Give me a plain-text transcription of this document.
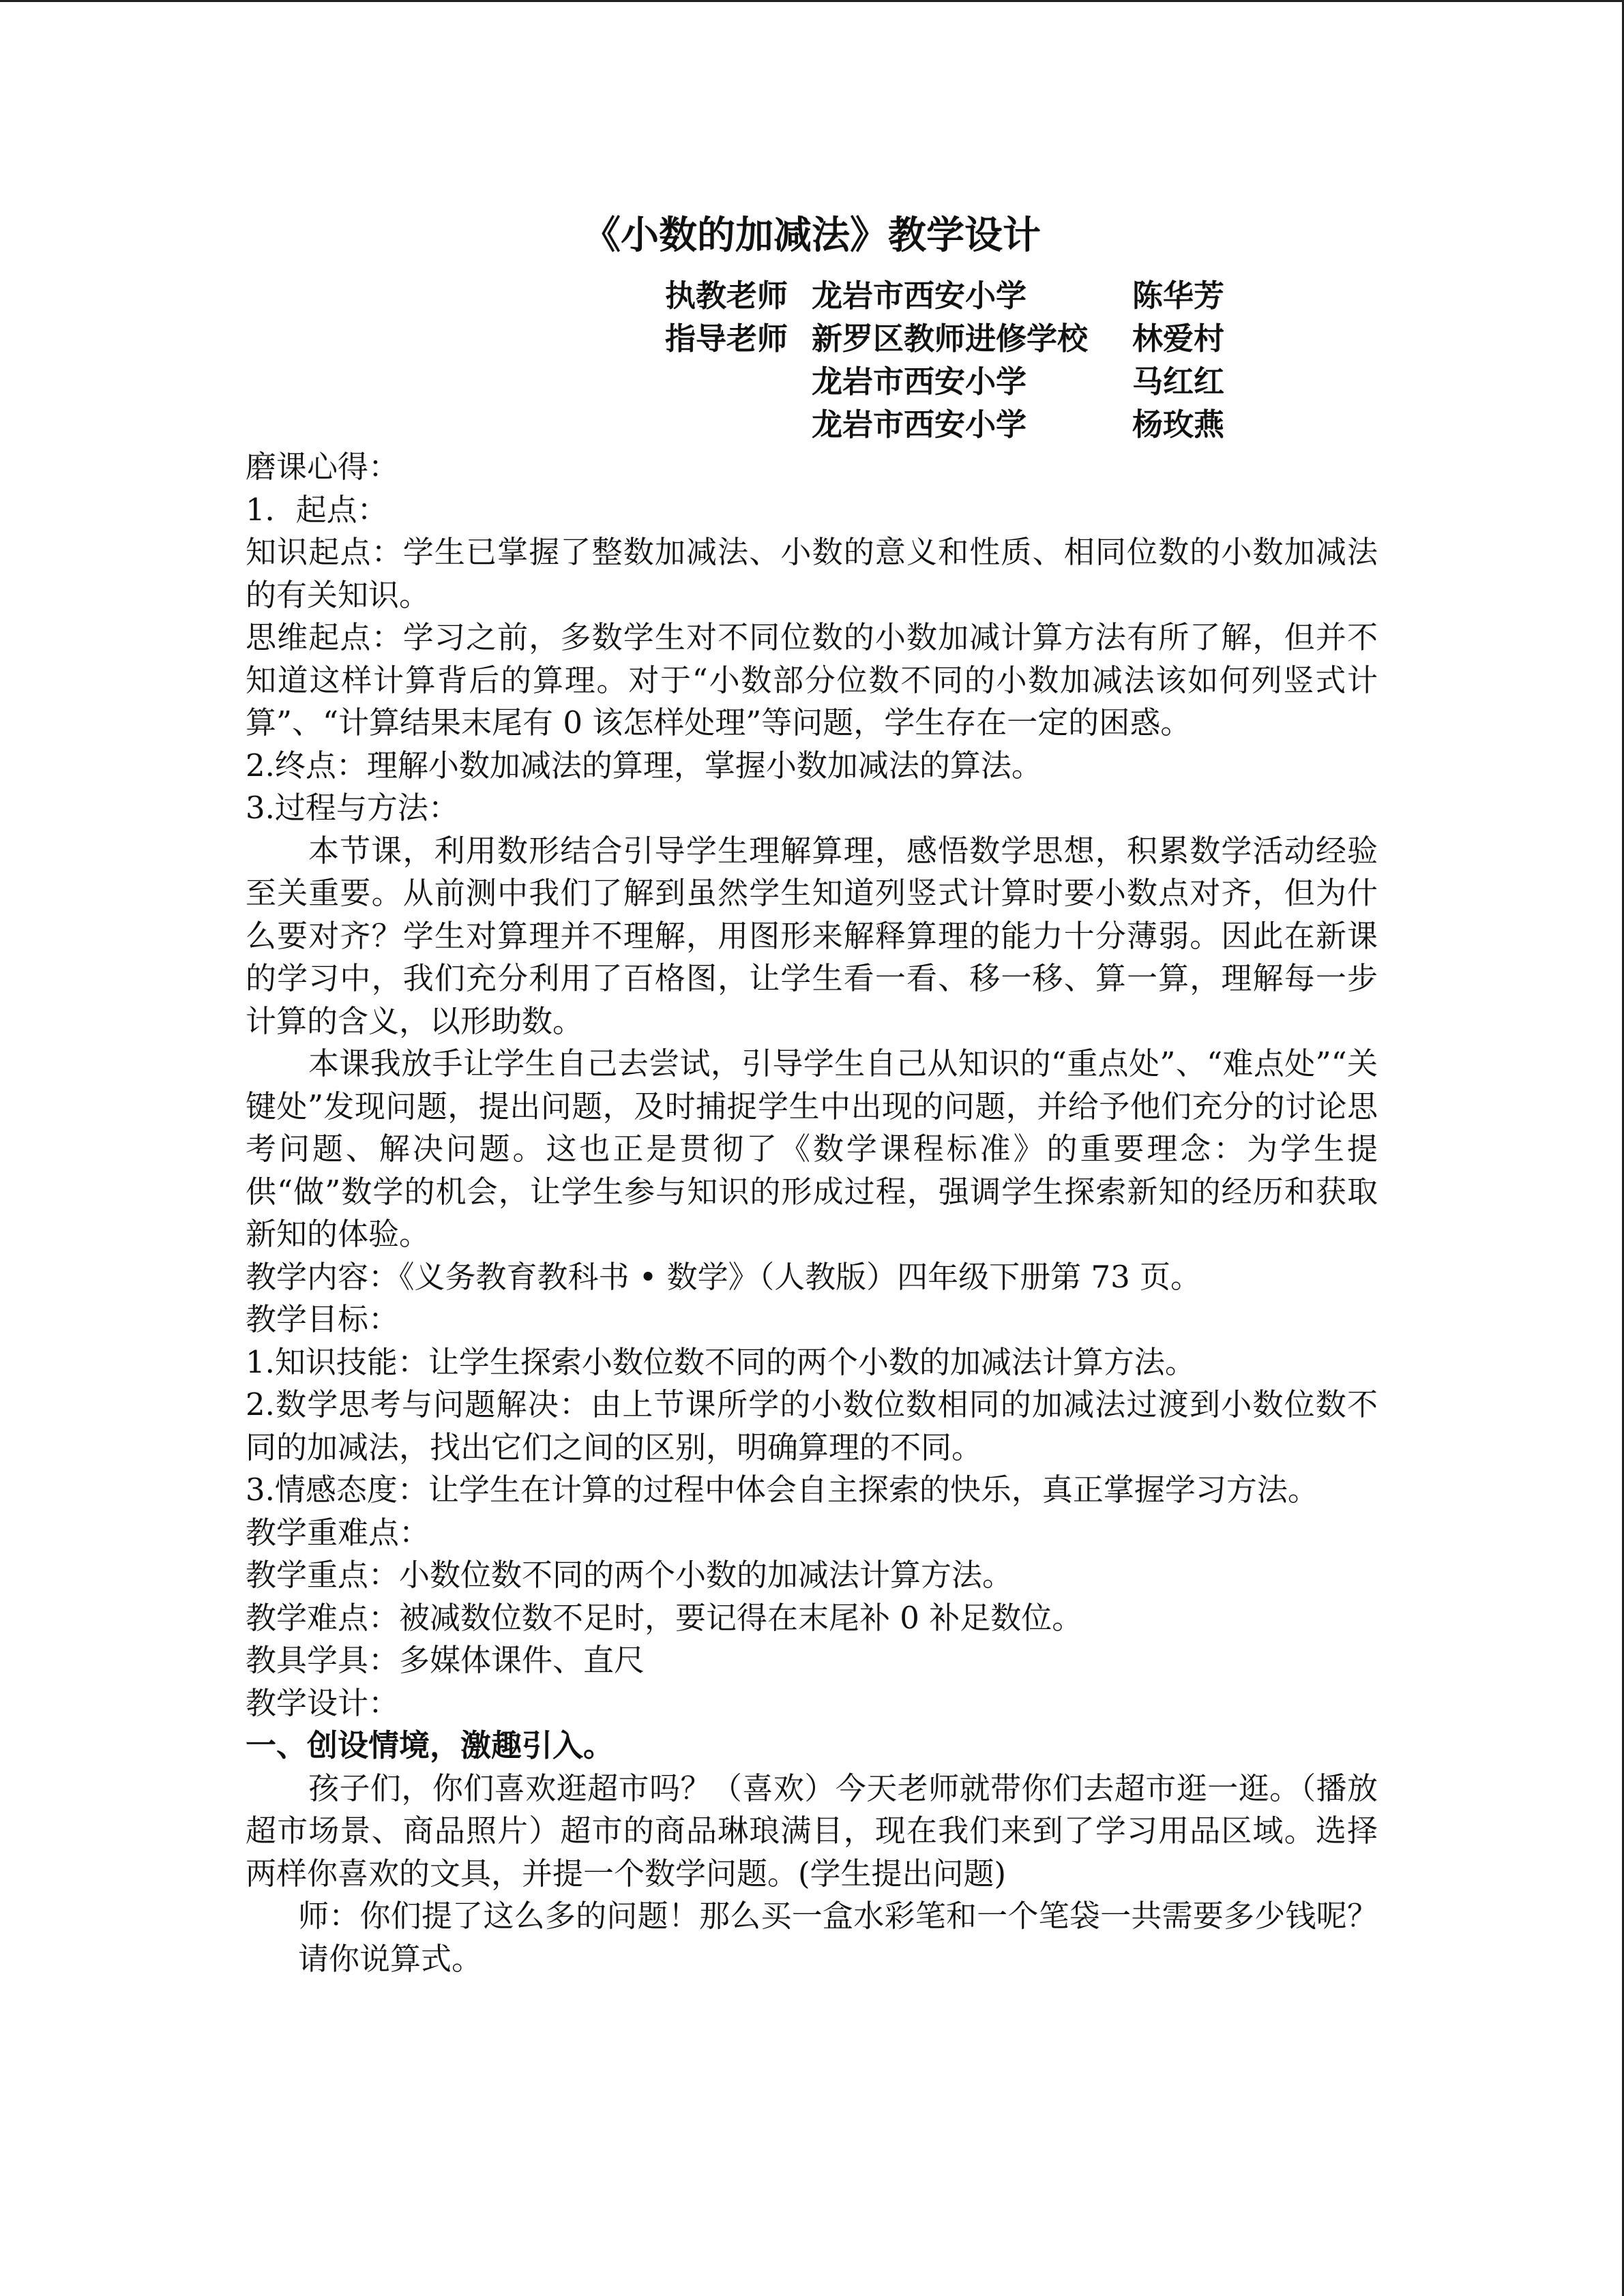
《小数的加减法》教学设计
执教老师 龙岩市西安小学	陈华芳
指导老师 新罗区教师进修学校	林爱村
龙岩市西安小学	马红红
龙岩市西安小学	杨玫燕

磨课心得：

1．起点：

知识起点：学生已掌握了整数加减法、小数的意义和性质、相同位数的小数加减法的有关知识。

思维起点：学习之前，多数学生对不同位数的小数加减计算方法有所了解，但并不知道这样计算背后的算理。对于“小数部分位数不同的小数加减法该如何列竖式计算”、“计算结果末尾有 0 该怎样处理”等问题，学生存在一定的困惑。

2.终点：理解小数加减法的算理，掌握小数加减法的算法。

3.过程与方法：

本节课，利用数形结合引导学生理解算理，感悟数学思想，积累数学活动经验至关重要。从前测中我们了解到虽然学生知道列竖式计算时要小数点对齐，但为什么要对齐？学生对算理并不理解，用图形来解释算理的能力十分薄弱。因此在新课的学习中，我们充分利用了百格图，让学生看一看、移一移、算一算，理解每一步计算的含义，以形助数。

本课我放手让学生自己去尝试，引导学生自己从知识的“重点处”、“难点处”“关键处”发现问题，提出问题，及时捕捉学生中出现的问题，并给予他们充分的讨论思考问题、解决问题。这也正是贯彻了《数学课程标准》的重要理念：为学生提供“做”数学的机会，让学生参与知识的形成过程，强调学生探索新知的经历和获取新知的体验。

教学内容：《义务教育教科书 • 数学》（人教版）四年级下册第 73 页。

教学目标：

1.知识技能：让学生探索小数位数不同的两个小数的加减法计算方法。

2.数学思考与问题解决：由上节课所学的小数位数相同的加减法过渡到小数位数不同的加减法，找出它们之间的区别，明确算理的不同。

3.情感态度：让学生在计算的过程中体会自主探索的快乐，真正掌握学习方法。

教学重难点：

教学重点：小数位数不同的两个小数的加减法计算方法。

教学难点：被减数位数不足时，要记得在末尾补 0 补足数位。

教具学具：多媒体课件、直尺

教学设计：

一、创设情境，激趣引入。

孩子们，你们喜欢逛超市吗？（喜欢）今天老师就带你们去超市逛一逛。（播放超市场景、商品照片）超市的商品琳琅满目，现在我们来到了学习用品区域。选择两样你喜欢的文具，并提一个数学问题。(学生提出问题)

师：你们提了这么多的问题！那么买一盒水彩笔和一个笔袋一共需要多少钱呢？请你说算式。
